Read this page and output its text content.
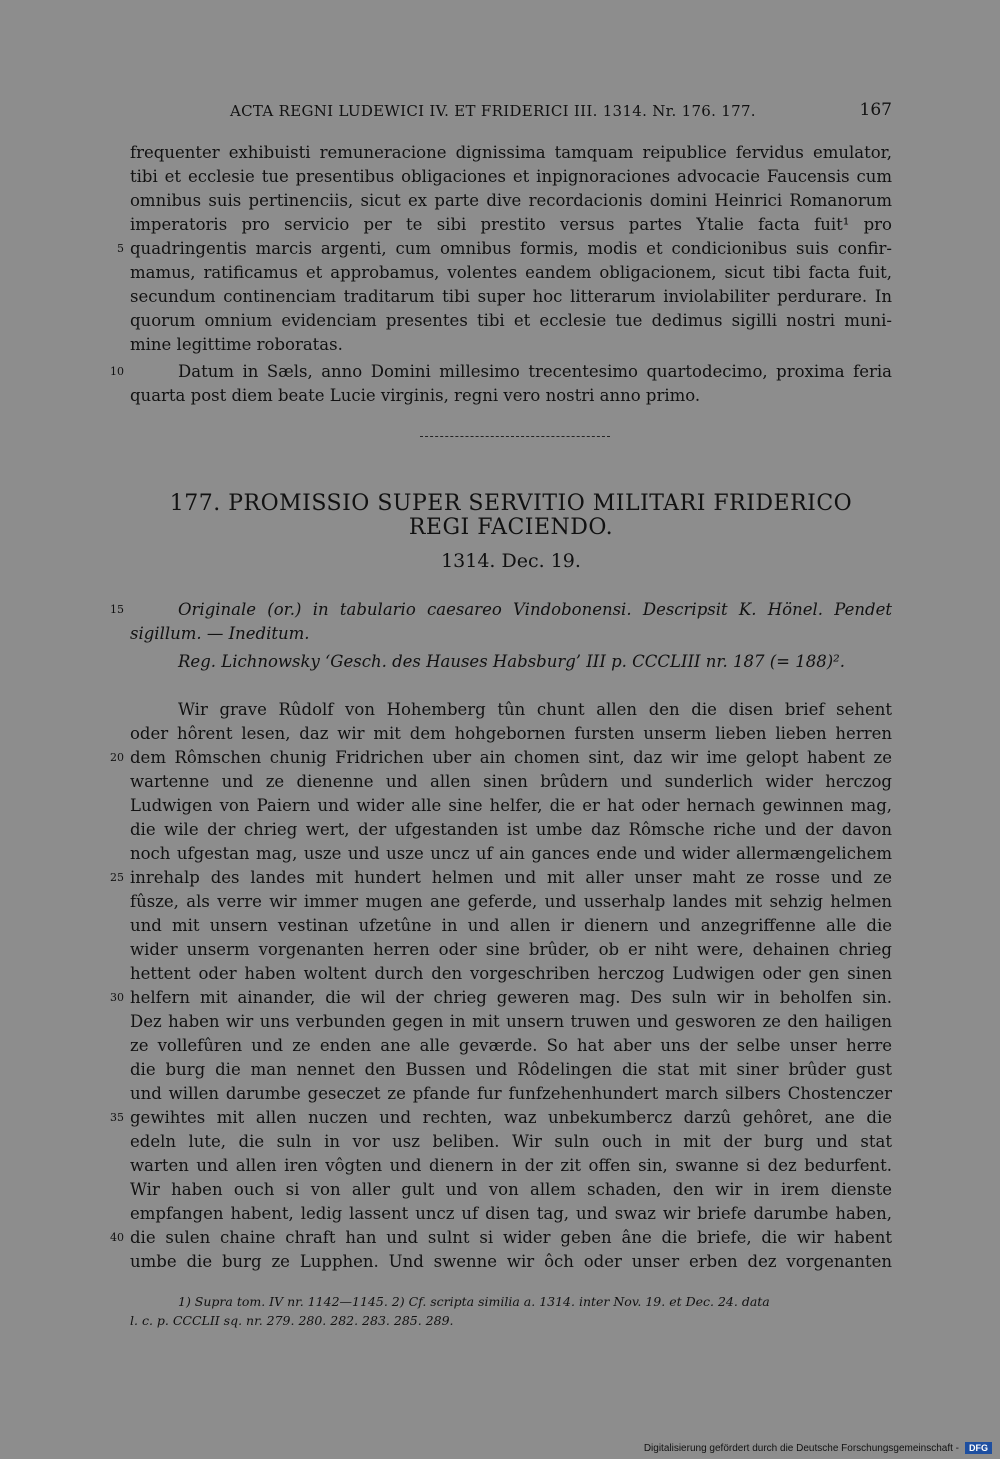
ACTA REGNI LUDEWICI IV. ET FRIDERICI III. 1314. Nr. 176. 177.	167
frequenter exhibuisti remuneracione dignissima tamquam reipublice fervidus emulator,
tibi et ecclesie tue presentibus obligaciones et inpignoraciones advocacie Faucensis cum
omnibus suis pertinenciis, sicut ex parte dive recordacionis domini Heinrici Romanorum
imperatoris pro servicio per te sibi prestito versus partes Ytalie facta fuit¹ pro
5 quadringentis marcis argenti, cum omnibus formis, modis et condicionibus suis confir-
mamus, ratificamus et approbamus, volentes eandem obligacionem, sicut tibi facta fuit,
secundum continenciam traditarum tibi super hoc litterarum inviolabiliter perdurare. In
quorum omnium evidenciam presentes tibi et ecclesie tue dedimus sigilli nostri muni-
mine legittime roboratas.
10	Datum in Sæls, anno Domini millesimo trecentesimo quartodecimo, proxima feria
quarta post diem beate Lucie virginis, regni vero nostri anno primo.
177. PROMISSIO SUPER SERVITIO MILITARI FRIDERICO
REGI FACIENDO.
1314. Dec. 19.
15	Originale (or.) in tabulario caesareo Vindobonensi. Descripsit K. Hönel. Pendet
sigillum. — Ineditum.
Reg. Lichnowsky ‘Gesch. des Hauses Habsburg’ III p. CCCLIII nr. 187 (= 188)².
Wir grave Rûdolf von Hohemberg tûn chunt allen den die disen brief sehent
oder hôrent lesen, daz wir mit dem hohgebornen fursten unserm lieben lieben herren
20 dem Rômschen chunig Fridrichen uber ain chomen sint, daz wir ime gelopt habent ze
wartenne und ze dienenne und allen sinen brûdern und sunderlich wider herczog
Ludwigen von Paiern und wider alle sine helfer, die er hat oder hernach gewinnen mag,
die wile der chrieg wert, der ufgestanden ist umbe daz Rômsche riche und der davon
noch ufgestan mag, usze und usze uncz uf ain gances ende und wider allermængelichem
25 inrehalp des landes mit hundert helmen und mit aller unser maht ze rosse und ze
fûsze, als verre wir immer mugen ane geferde, und usserhalp landes mit sehzig helmen
und mit unsern vestinan ufzetûne in und allen ir dienern und anzegriffenne alle die
wider unserm vorgenanten herren oder sine brûder, ob er niht were, dehainen chrieg
hettent oder haben woltent durch den vorgeschriben herczog Ludwigen oder gen sinen
30 helfern mit ainander, die wil der chrieg geweren mag. Des suln wir in beholfen sin.
Dez haben wir uns verbunden gegen in mit unsern truwen und gesworen ze den hailigen
ze vollefûren und ze enden ane alle geværde. So hat aber uns der selbe unser herre
die burg die man nennet den Bussen und Rôdelingen die stat mit siner brûder gust
und willen darumbe geseczet ze pfande fur funfzehenhundert march silbers Chostenczer
35 gewihtes mit allen nuczen und rechten, waz unbekumbercz darzû gehôret, ane die
edeln lute, die suln in vor usz beliben. Wir suln ouch in mit der burg und stat
warten und allen iren vôgten und dienern in der zit offen sin, swanne si dez bedurfent.
Wir haben ouch si von aller gult und von allem schaden, den wir in irem dienste
empfangen habent, ledig lassent uncz uf disen tag, und swaz wir briefe darumbe haben,
40 die sulen chaine chraft han und sulnt si wider geben âne die briefe, die wir habent
umbe die burg ze Lupphen. Und swenne wir ôch oder unser erben dez vorgenanten
1) Supra tom. IV nr. 1142—1145. 2) Cf. scripta similia a. 1314. inter Nov. 19. et Dec. 24. data
l. c. p. CCCLII sq. nr. 279. 280. 282. 283. 285. 289.
Digitalisierung gefördert durch die Deutsche Forschungsgemeinschaft -	DFG
